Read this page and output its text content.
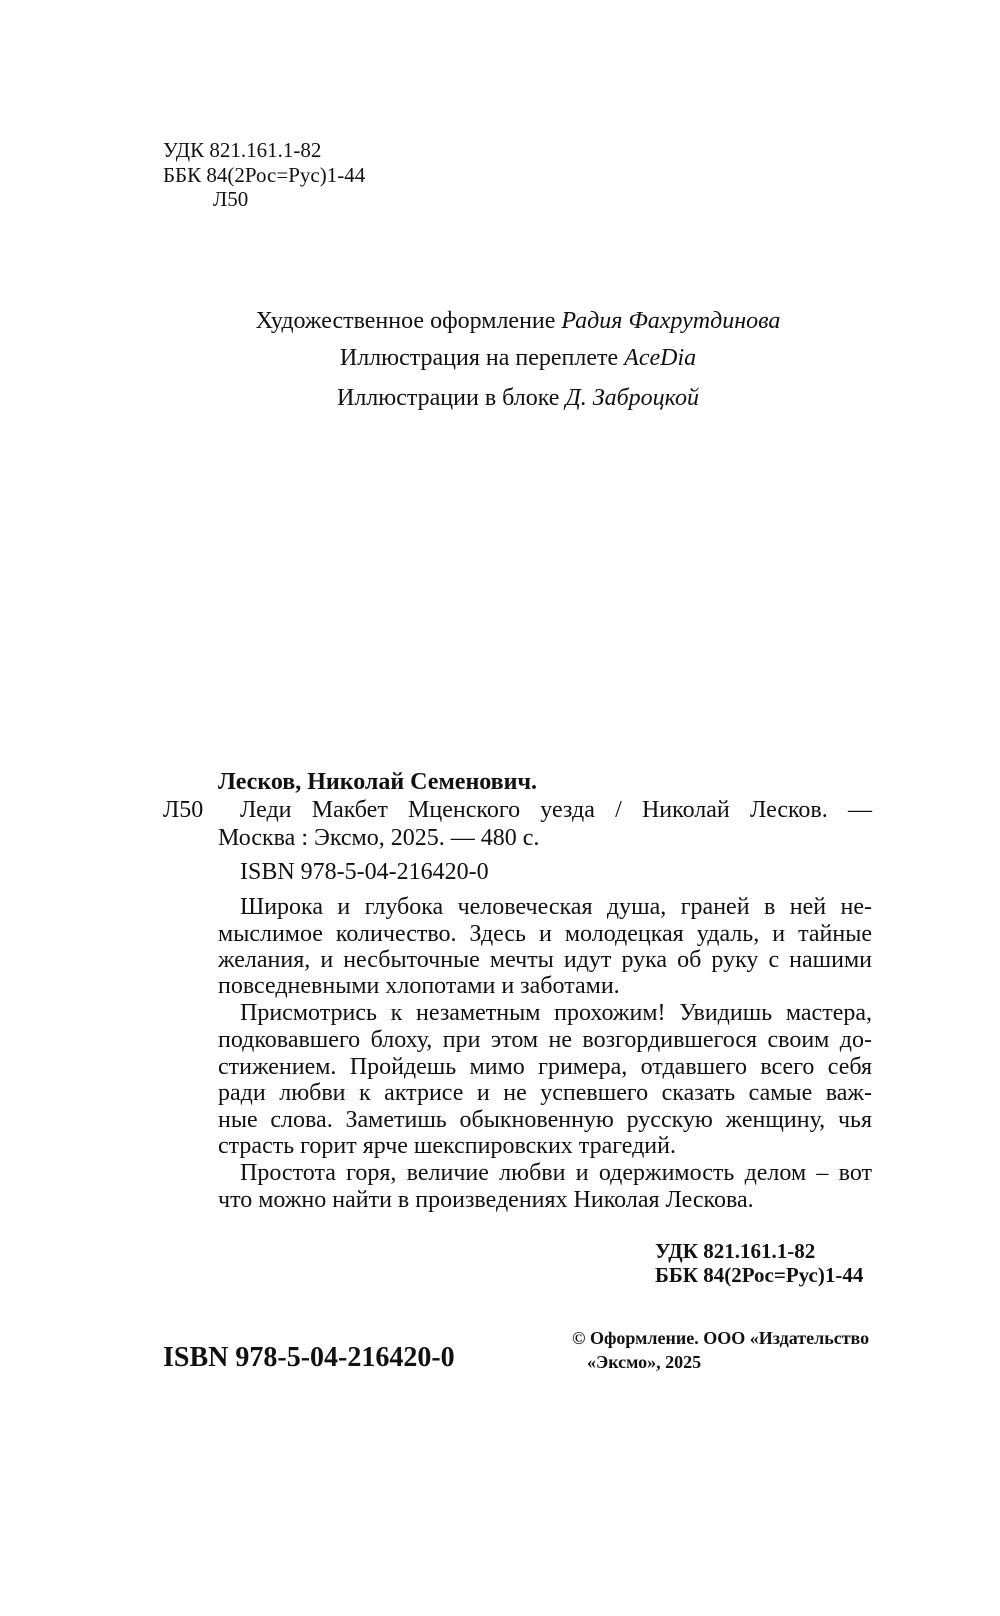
УДК 821.161.1-82
ББК 84(2Рос=Рус)1-44
Л50
Художественное оформление Радия Фахрутдинова
Иллюстрация на переплете AceDia
Иллюстрации в блоке Д. Заброцкой
Лесков, Николай Семенович.
Л50 Леди Макбет Мценского уезда / Николай Лесков. —
Москва : Эксмо, 2025. — 480 с.
ISBN 978-5-04-216420-0
Широка и глубока человеческая душа, граней в ней не-
мыслимое количество. Здесь и молодецкая удаль, и тайные
желания, и несбыточные мечты идут рука об руку с нашими
повседневными хлопотами и заботами.
Присмотрись к незаметным прохожим! Увидишь мастера,
подковавшего блоху, при этом не возгордившегося своим до-
стижением. Пройдешь мимо гримера, отдавшего всего себя
ради любви к актрисе и не успевшего сказать самые важ-
ные слова. Заметишь обыкновенную русскую женщину, чья
страсть горит ярче шекспировских трагедий.
Простота горя, величие любви и одержимость делом – вот
что можно найти в произведениях Николая Лескова.
УДК 821.161.1-82
ББК 84(2Рос=Рус)1-44
ISBN 978-5-04-216420-0
© Оформление. ООО «Издательство
«Эксмо», 2025
